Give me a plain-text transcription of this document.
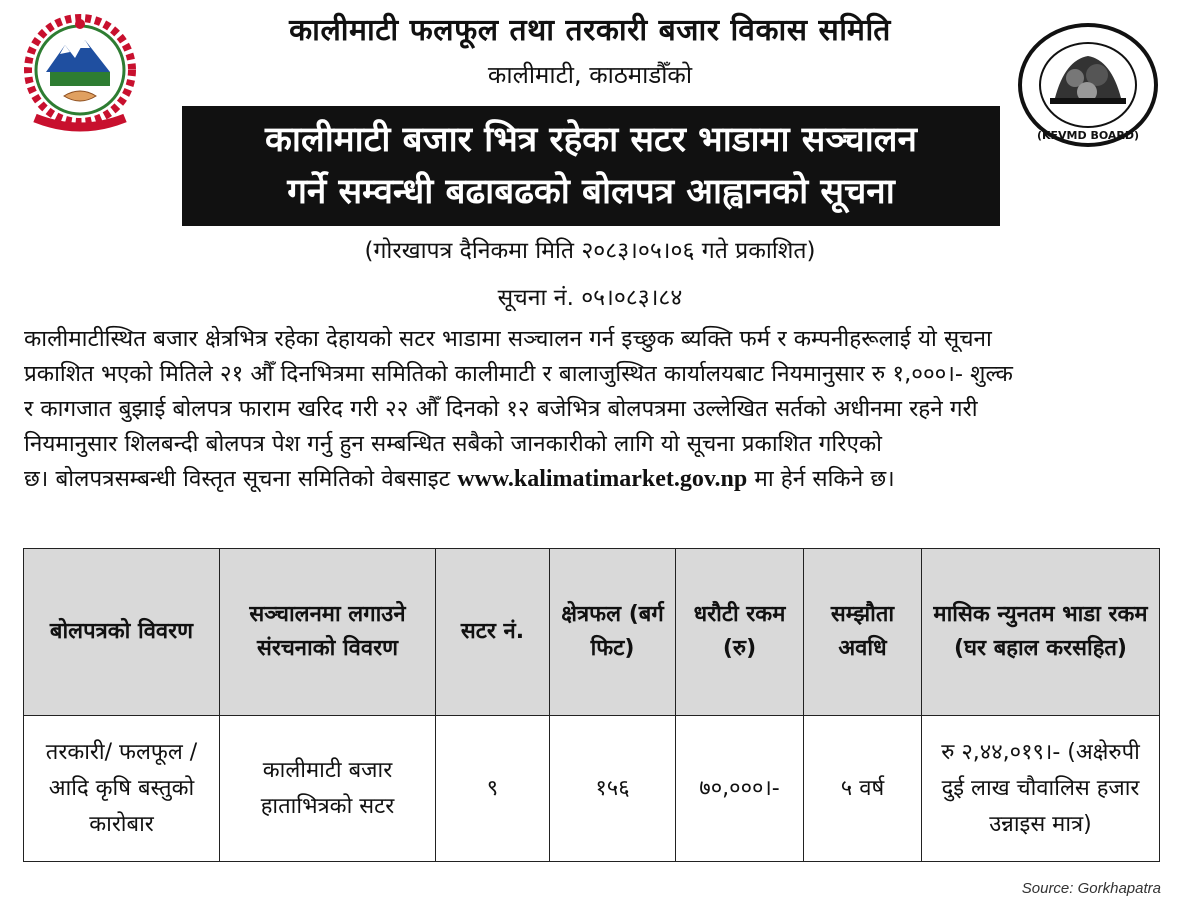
(KFVMD BOARD)
कालीमाटी फलफूल तथा तरकारी बजार विकास समिति
कालीमाटी, काठमाडौँको
कालीमाटी बजार भित्र रहेका सटर भाडामा सञ्चालन
गर्ने सम्वन्धी बढाबढको बोलपत्र आह्वानको सूचना
(गोरखापत्र दैनिकमा मिति २०८३।०५।०६ गते प्रकाशित)
सूचना नं. ०५।०८३।८४
कालीमाटीस्थित बजार क्षेत्रभित्र रहेका देहायको सटर भाडामा सञ्चालन गर्न इच्छुक ब्यक्ति फर्म र कम्पनीहरूलाई यो सूचना
प्रकाशित भएको मितिले २१ औँ दिनभित्रमा समितिको कालीमाटी र बालाजुस्थित कार्यालयबाट नियमानुसार रु १,०००।- शुल्क
र कागजात बुझाई बोलपत्र फाराम खरिद गरी २२ औँ दिनको १२ बजेभित्र बोलपत्रमा उल्लेखित सर्तको अधीनमा रहने गरी
नियमानुसार शिलबन्दी बोलपत्र पेश गर्नु हुन सम्बन्धित सबैको जानकारीको लागि यो सूचना प्रकाशित गरिएको
छ। बोलपत्रसम्बन्धी विस्तृत सूचना समितिको वेबसाइट www.kalimatimarket.gov.np मा हेर्न सकिने छ।
बोलपत्रको विवरण	सञ्चालनमा लगाउने संरचनाको विवरण	सटर नं.	क्षेत्रफल (बर्ग फिट)	धरौटी रकम (रु)	सम्झौता अवधि	मासिक न्युनतम भाडा रकम (घर बहाल करसहित)
तरकारी/ फलफूल / आदि कृषि बस्तुको कारोबार	कालीमाटी बजार हाताभित्रको सटर	९	१५६	७०,०००।-	५ वर्ष	रु २,४४,०१९।- (अक्षेरुपी दुई लाख चौवालिस हजार उन्नाइस मात्र)
Source: Gorkhapatra
